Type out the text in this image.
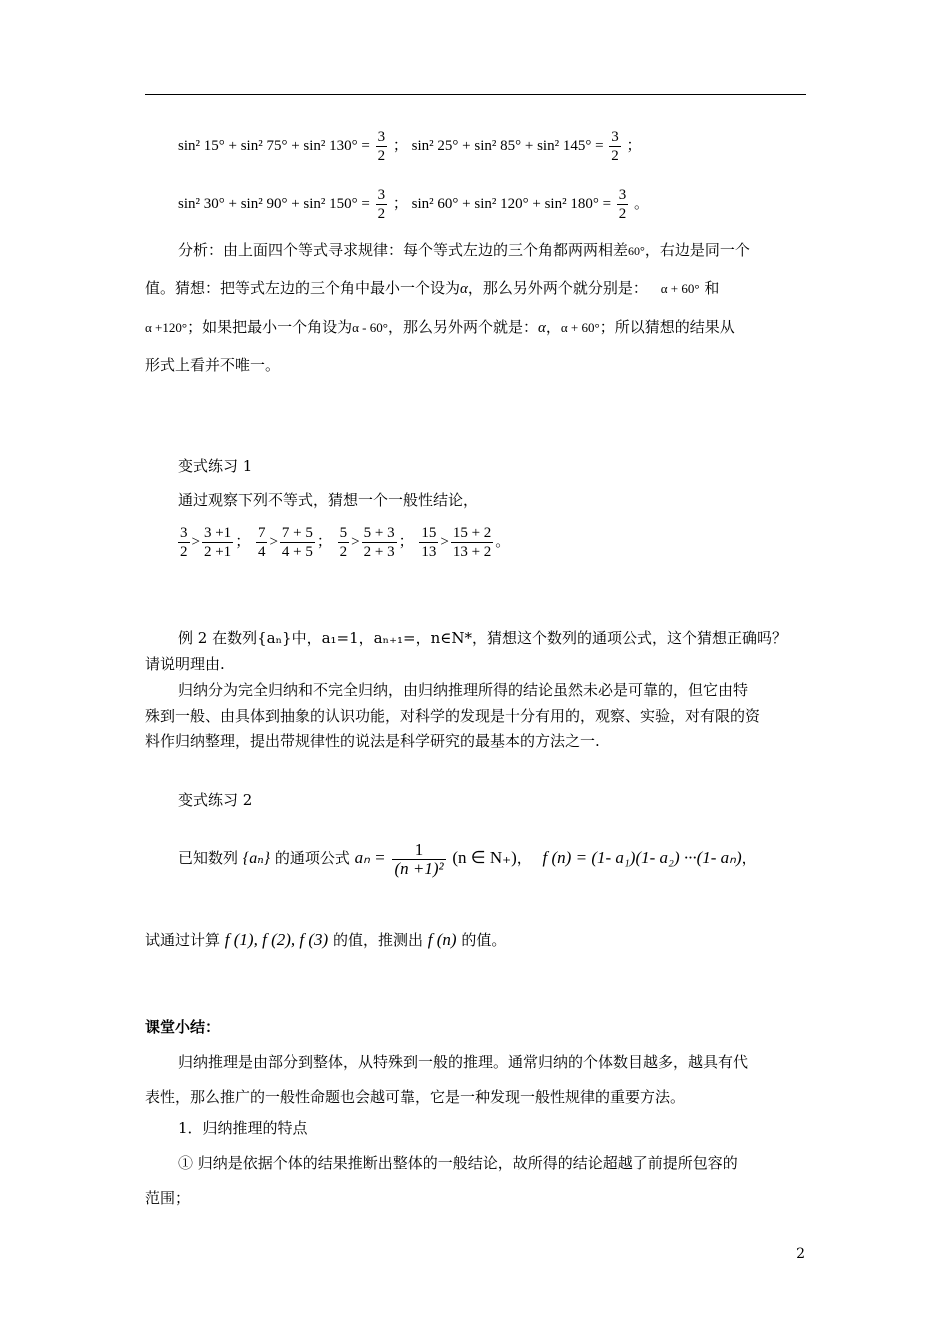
sin² 15° + sin² 75° + sin² $130^\circ = \frac{3}{2}$ ； sin² 25° + sin² 85° + sin² $145^\circ = \frac{3}{2}$ ；
sin² 30° + sin² 90° + sin² $150^\circ = \frac{3}{2}$ ； sin² 60° + sin² 120° + sin² $180^\circ = \frac{3}{2}$ 。
分析：由上面四个等式寻求规律：每个等式左边的三个角都两两相差60°，右边是同一个
值。猜想：把等式左边的三个角中最小一个设为α，那么另外两个就分别是： α + 60° 和
α +120°；如果把最小一个角设为α - 60°，那么另外两个就是：α，α + 60°；所以猜想的结果从
形式上看并不唯一。
变式练习 1
通过观察下列不等式，猜想一个一般性结论，
$\frac{3}{2} > \frac{3 +1}{2 +1}$ ； $\frac{7}{4} > \frac{7 + 5}{4 + 5}$ ； $\frac{5}{2} > \frac{5 + 3}{2 + 3}$ ； $\frac{15}{13} > \frac{15 + 2}{13 + 2}$ 。
例 2 在数列{aₙ}中，a₁=1，aₙ₊₁=，n∈N*，猜想这个数列的通项公式，这个猜想正确吗？
请说明理由.
归纳分为完全归纳和不完全归纳，由归纳推理所得的结论虽然未必是可靠的，但它由特
殊到一般、由具体到抽象的认识功能，对科学的发现是十分有用的，观察、实验，对有限的资
料作归纳整理，提出带规律性的说法是科学研究的最基本的方法之一.
变式练习 2
已知数列 {aₙ} 的通项公式 $a_n = \frac{1}{\text{(n +1)²}} (n$ ∈ N₊)， f (n) = (1- a₁)(1- a₂) ···(1- aₙ)，
试通过计算 f (1), f (2), f (3) 的值，推测出 f (n) 的值。
课堂小结：
归纳推理是由部分到整体，从特殊到一般的推理。通常归纳的个体数目越多，越具有代
表性，那么推广的一般性命题也会越可靠，它是一种发现一般性规律的重要方法。
1．归纳推理的特点
① 归纳是依据个体的结果推断出整体的一般结论，故所得的结论超越了前提所包容的
范围；
2
